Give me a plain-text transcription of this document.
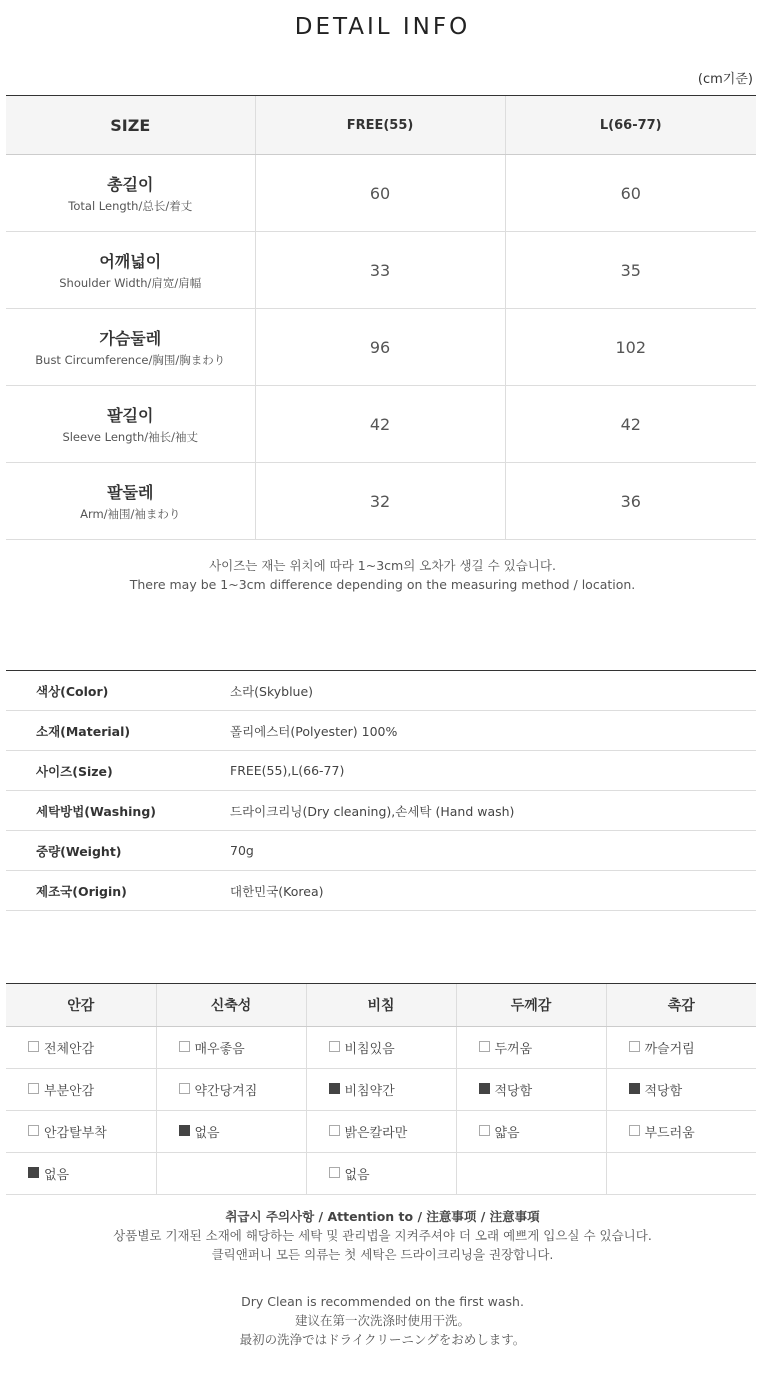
DETAIL INFO
(cm기준)
SIZE	FREE(55)	L(66-77)

총길이
Total Length/总长/着丈	60	60

어깨넓이
Shoulder Width/肩宽/肩幅	33	35

가슴둘레
Bust Circumference/胸围/胸まわり	96	102

팔길이
Sleeve Length/袖长/袖丈	42	42

팔둘레
Arm/袖围/袖まわり	32	36
사이즈는 재는 위치에 따라 1~3cm의 오차가 생길 수 있습니다.
There may be 1~3cm difference depending on the measuring method / location.
색상(Color)	소라(Skyblue)
소재(Material)	폴리에스터(Polyester) 100%
사이즈(Size)	FREE(55),L(66-77)
세탁방법(Washing)	드라이크리닝(Dry cleaning),손세탁 (Hand wash)
중량(Weight)	70g
제조국(Origin)	대한민국(Korea)
안감	신축성	비침	두께감	촉감
전체안감	매우좋음	비침있음	두꺼움	까슬거림
부분안감	약간당겨짐	비침약간	적당함	적당함
안감탈부착	없음	밝은칼라만	얇음	부드러움
없음		없음		
취급시 주의사항 / Attention to / 注意事项 / 注意事項
상품별로 기재된 소재에 해당하는 세탁 및 관리법을 지켜주셔야 더 오래 예쁘게 입으실 수 있습니다.
클릭앤퍼니 모든 의류는 첫 세탁은 드라이크리닝을 권장합니다.
Dry Clean is recommended on the first wash.
建议在第一次洗涤时使用干洗。
最初の洗浄ではドライクリーニングをおめします。
